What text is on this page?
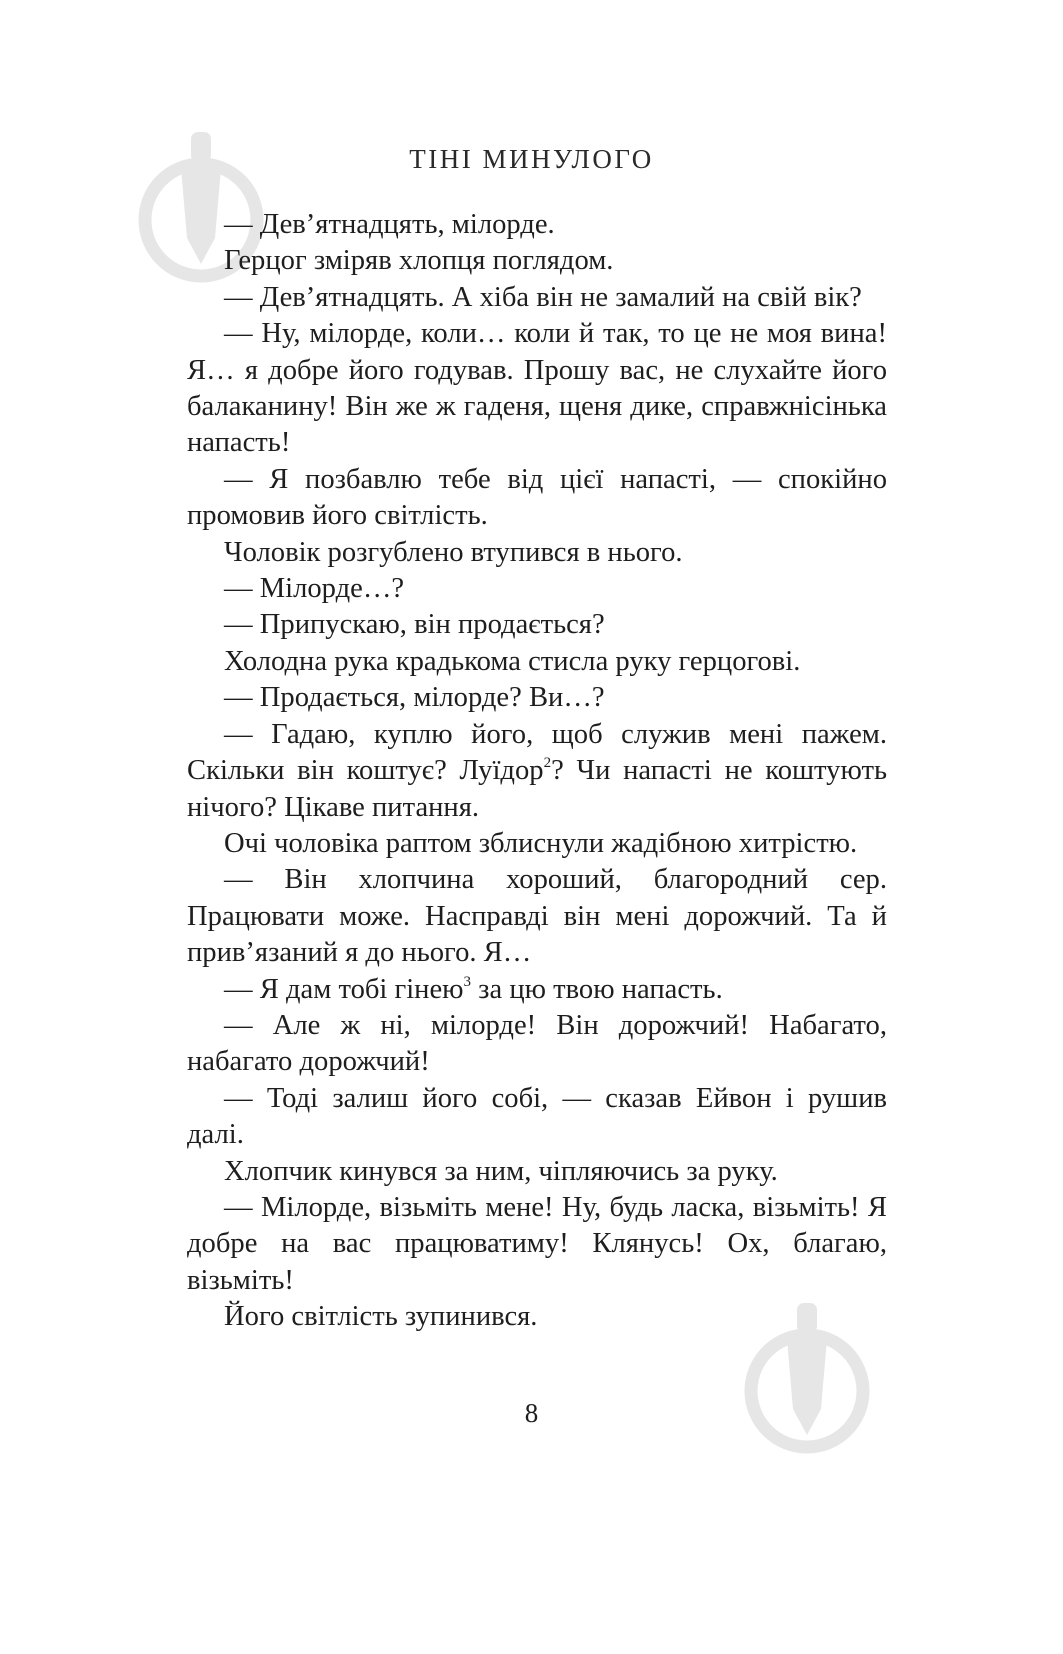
ТІНІ МИНУЛОГО

— Дев’ятнадцять, мілорде.

Герцог зміряв хлопця поглядом.

— Дев’ятнадцять. А хіба він не замалий на свій вік?

— Ну, мілорде, коли… коли й так, то це не моя вина! Я… я добре його годував. Прошу вас, не слухайте його балаканину! Він же ж гаденя, щеня дике, справжнісінька напасть!

— Я позбавлю тебе від цієї напасті, — спокійно промовив його світлість.

Чоловік розгублено втупився в нього.

— Мілорде…?

— Припускаю, він продається?

Холодна рука крадькома стисла руку герцогові.

— Продається, мілорде? Ви…?

— Гадаю, куплю його, щоб служив мені пажем. Скільки він коштує? Луїдор$^2$? Чи напасті не коштують нічого? Цікаве питання.

Очі чоловіка раптом зблиснули жадібною хитрістю.

— Він хлопчина хороший, благородний сер. Працювати може. Насправді він мені дорожчий. Та й прив’язаний я до нього. Я…

— Я дам тобі гінею$^3$ за цю твою напасть.

— Але ж ні, мілорде! Він дорожчий! Набагато, набагато дорожчий!

— Тоді залиш його собі, — сказав Ейвон і рушив далі.

Хлопчик кинувся за ним, чіпляючись за руку.

— Мілорде, візьміть мене! Ну, будь ласка, візьміть! Я добре на вас працюватиму! Клянусь! Ох, благаю, візьміть!

Його світлість зупинився.

8
